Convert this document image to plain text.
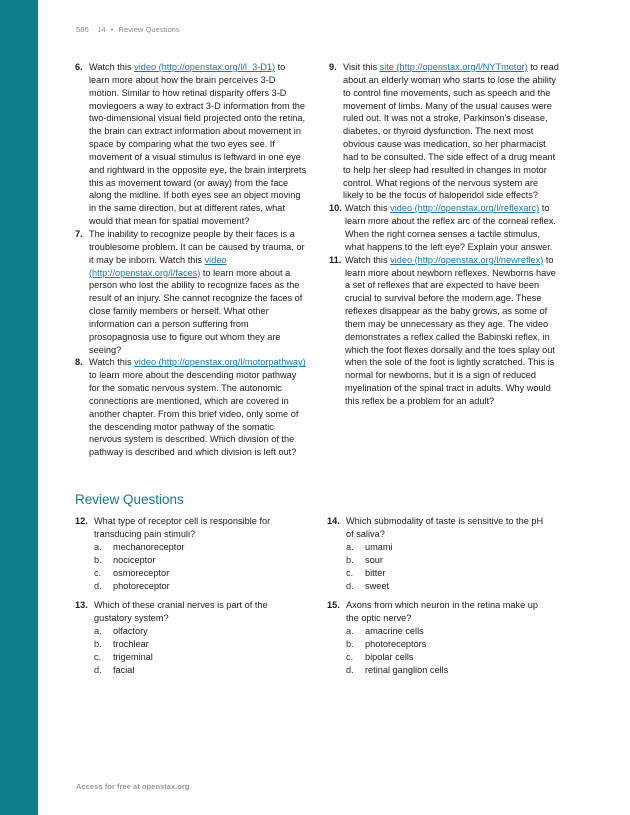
586 14 • Review Questions
6. Watch this video (http://openstax.org/l/l_3-D1) to learn more about how the brain perceives 3-D motion. Similar to how retinal disparity offers 3-D moviegoers a way to extract 3-D information from the two-dimensional visual field projected onto the retina, the brain can extract information about movement in space by comparing what the two eyes see. If movement of a visual stimulus is leftward in one eye and rightward in the opposite eye, the brain interprets this as movement toward (or away) from the face along the midline. If both eyes see an object moving in the same direction, but at different rates, what would that mean for spatial movement?
7. The inability to recognize people by their faces is a troublesome problem. It can be caused by trauma, or it may be inborn. Watch this video (http://openstax.org/l/faces) to learn more about a person who lost the ability to recognize faces as the result of an injury. She cannot recognize the faces of close family members or herself. What other information can a person suffering from prosopagnosia use to figure out whom they are seeing?
8. Watch this video (http://openstax.org/l/motorpathway) to learn more about the descending motor pathway for the somatic nervous system. The autonomic connections are mentioned, which are covered in another chapter. From this brief video, only some of the descending motor pathway of the somatic nervous system is described. Which division of the pathway is described and which division is left out?
9. Visit this site (http://openstax.org/l/NYTmotor) to read about an elderly woman who starts to lose the ability to control fine movements, such as speech and the movement of limbs. Many of the usual causes were ruled out. It was not a stroke, Parkinson's disease, diabetes, or thyroid dysfunction. The next most obvious cause was medication, so her pharmacist had to be consulted. The side effect of a drug meant to help her sleep had resulted in changes in motor control. What regions of the nervous system are likely to be the focus of haloperidol side effects?
10. Watch this video (http://openstax.org/l/reflexarc) to learn more about the reflex arc of the corneal reflex. When the right cornea senses a tactile stimulus, what happens to the left eye? Explain your answer.
11. Watch this video (http://openstax.org/l/newreflex) to learn more about newborn reflexes. Newborns have a set of reflexes that are expected to have been crucial to survival before the modern age. These reflexes disappear as the baby grows, as some of them may be unnecessary as they age. The video demonstrates a reflex called the Babinski reflex, in which the foot flexes dorsally and the toes splay out when the sole of the foot is lightly scratched. This is normal for newborns, but it is a sign of reduced myelination of the spinal tract in adults. Why would this reflex be a problem for an adult?
Review Questions
12. What type of receptor cell is responsible for transducing pain stimuli?
a. mechanoreceptor
b. nociceptor
c. osmoreceptor
d. photoreceptor
13. Which of these cranial nerves is part of the gustatory system?
a. olfactory
b. trochlear
c. trigeminal
d. facial
14. Which submodality of taste is sensitive to the pH of saliva?
a. umami
b. sour
c. bitter
d. sweet
15. Axons from which neuron in the retina make up the optic nerve?
a. amacrine cells
b. photoreceptors
c. bipolar cells
d. retinal ganglion cells
Access for free at openstax.org
